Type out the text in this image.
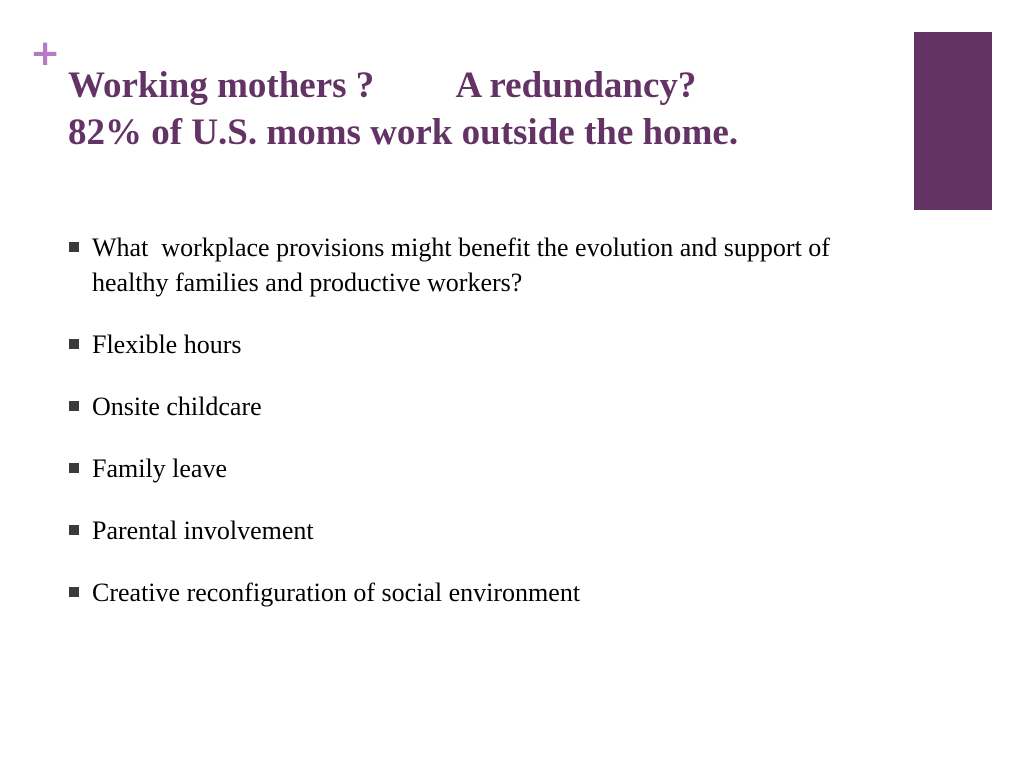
+
Working mothers ?         A redundancy?
82% of U.S. moms work outside the home.
What  workplace provisions might benefit the evolution and support of healthy families and productive workers?
Flexible hours
Onsite childcare
Family leave
Parental involvement
Creative reconfiguration of social environment
